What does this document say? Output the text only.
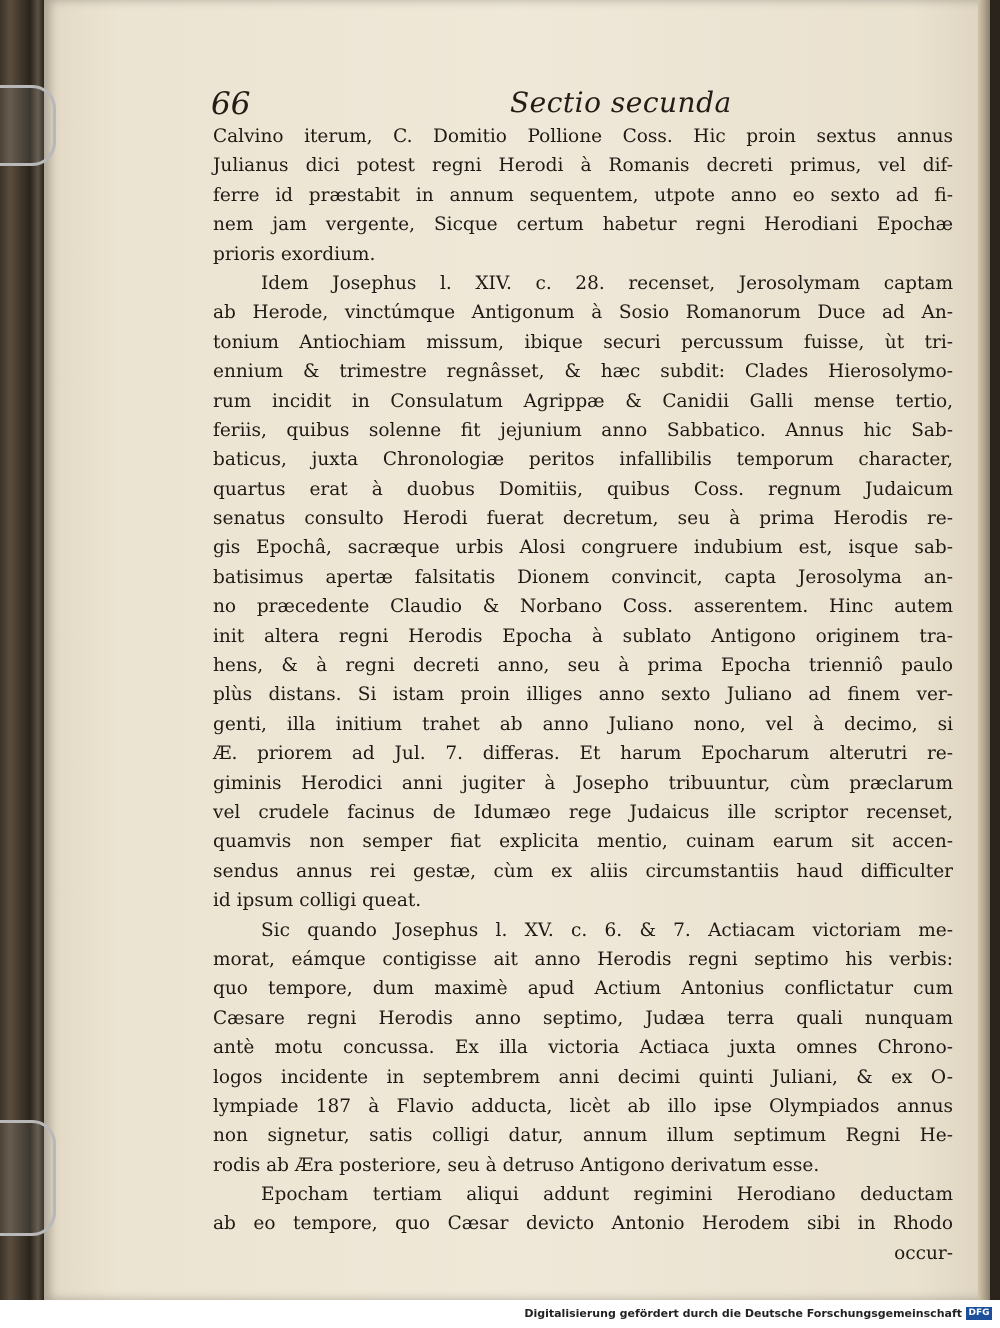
66	Sectio secunda
Calvino iterum, C. Domitio Pollione Coss. Hic proin sextus annus
Julianus dici potest regni Herodi à Romanis decreti primus, vel dif-
ferre id præstabit in annum sequentem, utpote anno eo sexto ad fi-
nem jam vergente, Sicque certum habetur regni Herodiani Epochæ
prioris exordium.
Idem Josephus l. XIV. c. 28. recenset, Jerosolymam captam
ab Herode, vinctúmque Antigonum à Sosio Romanorum Duce ad An-
tonium Antiochiam missum, ibique securi percussum fuisse, ùt tri-
ennium & trimestre regnâsset, & hæc subdit: Clades Hierosolymo-
rum incidit in Consulatum Agrippæ & Canidii Galli mense tertio,
feriis, quibus solenne fit jejunium anno Sabbatico. Annus hic Sab-
baticus, juxta Chronologiæ peritos infallibilis temporum character,
quartus erat à duobus Domitiis, quibus Coss. regnum Judaicum
senatus consulto Herodi fuerat decretum, seu à prima Herodis re-
gis Epochâ, sacræque urbis Alosi congruere indubium est, isque sab-
batisimus apertæ falsitatis Dionem convincit, capta Jerosolyma an-
no præcedente Claudio & Norbano Coss. asserentem. Hinc autem
init altera regni Herodis Epocha à sublato Antigono originem tra-
hens, & à regni decreti anno, seu à prima Epocha trienniô paulo
plùs distans. Si istam proin illiges anno sexto Juliano ad finem ver-
genti, illa initium trahet ab anno Juliano nono, vel à decimo, si
Æ. priorem ad Jul. 7. differas. Et harum Epocharum alterutri re-
giminis Herodici anni jugiter à Josepho tribuuntur, cùm præclarum
vel crudele facinus de Idumæo rege Judaicus ille scriptor recenset,
quamvis non semper fiat explicita mentio, cuinam earum sit accen-
sendus annus rei gestæ, cùm ex aliis circumstantiis haud difficulter
id ipsum colligi queat.
Sic quando Josephus l. XV. c. 6. & 7. Actiacam victoriam me-
morat, eámque contigisse ait anno Herodis regni septimo his verbis:
quo tempore, dum maximè apud Actium Antonius conflictatur cum
Cæsare regni Herodis anno septimo, Judæa terra quali nunquam
antè motu concussa. Ex illa victoria Actiaca juxta omnes Chrono-
logos incidente in septembrem anni decimi quinti Juliani, & ex O-
lympiade 187 à Flavio adducta, licèt ab illo ipse Olympiados annus
non signetur, satis colligi datur, annum illum septimum Regni He-
rodis ab Æra posteriore, seu à detruso Antigono derivatum esse.
Epocham tertiam aliqui addunt regimini Herodiano deductam
ab eo tempore, quo Cæsar devicto Antonio Herodem sibi in Rhodo
occur-
Digitalisierung gefördert durch die Deutsche Forschungsgemeinschaft DFG
